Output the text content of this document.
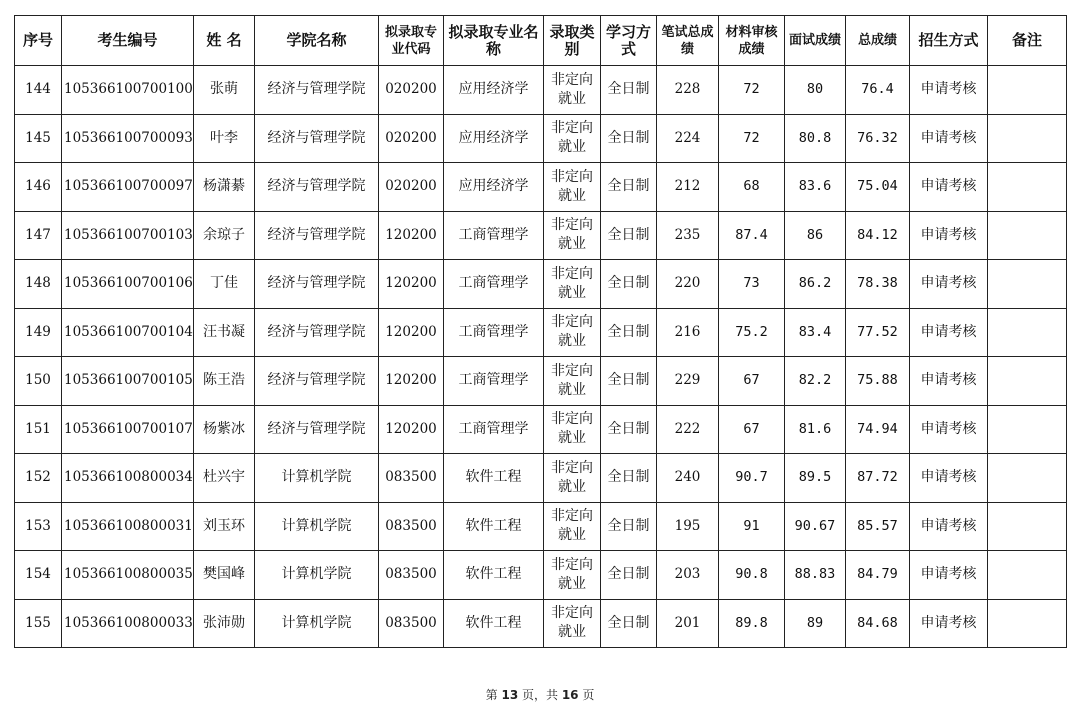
序号	考生编号	姓 名	学院名称	拟录取专业代码	拟录取专业名称	录取类别	学习方式	笔试总成绩	材料审核成绩	面试成绩	总成绩	招生方式	备注
144	105366100700100	张萌	经济与管理学院	020200	应用经济学	非定向就业	全日制	228	72	80	76.4	申请考核	
145	105366100700093	叶李	经济与管理学院	020200	应用经济学	非定向就业	全日制	224	72	80.8	76.32	申请考核	
146	105366100700097	杨潇綦	经济与管理学院	020200	应用经济学	非定向就业	全日制	212	68	83.6	75.04	申请考核	
147	105366100700103	余琼子	经济与管理学院	120200	工商管理学	非定向就业	全日制	235	87.4	86	84.12	申请考核	
148	105366100700106	丁佳	经济与管理学院	120200	工商管理学	非定向就业	全日制	220	73	86.2	78.38	申请考核	
149	105366100700104	汪书凝	经济与管理学院	120200	工商管理学	非定向就业	全日制	216	75.2	83.4	77.52	申请考核	
150	105366100700105	陈王浩	经济与管理学院	120200	工商管理学	非定向就业	全日制	229	67	82.2	75.88	申请考核	
151	105366100700107	杨紫冰	经济与管理学院	120200	工商管理学	非定向就业	全日制	222	67	81.6	74.94	申请考核	
152	105366100800034	杜兴宇	计算机学院	083500	软件工程	非定向就业	全日制	240	90.7	89.5	87.72	申请考核	
153	105366100800031	刘玉环	计算机学院	083500	软件工程	非定向就业	全日制	195	91	90.67	85.57	申请考核	
154	105366100800035	樊国峰	计算机学院	083500	软件工程	非定向就业	全日制	203	90.8	88.83	84.79	申请考核	
155	105366100800033	张沛勋	计算机学院	083500	软件工程	非定向就业	全日制	201	89.8	89	84.68	申请考核	
第 13 页，共 16 页
